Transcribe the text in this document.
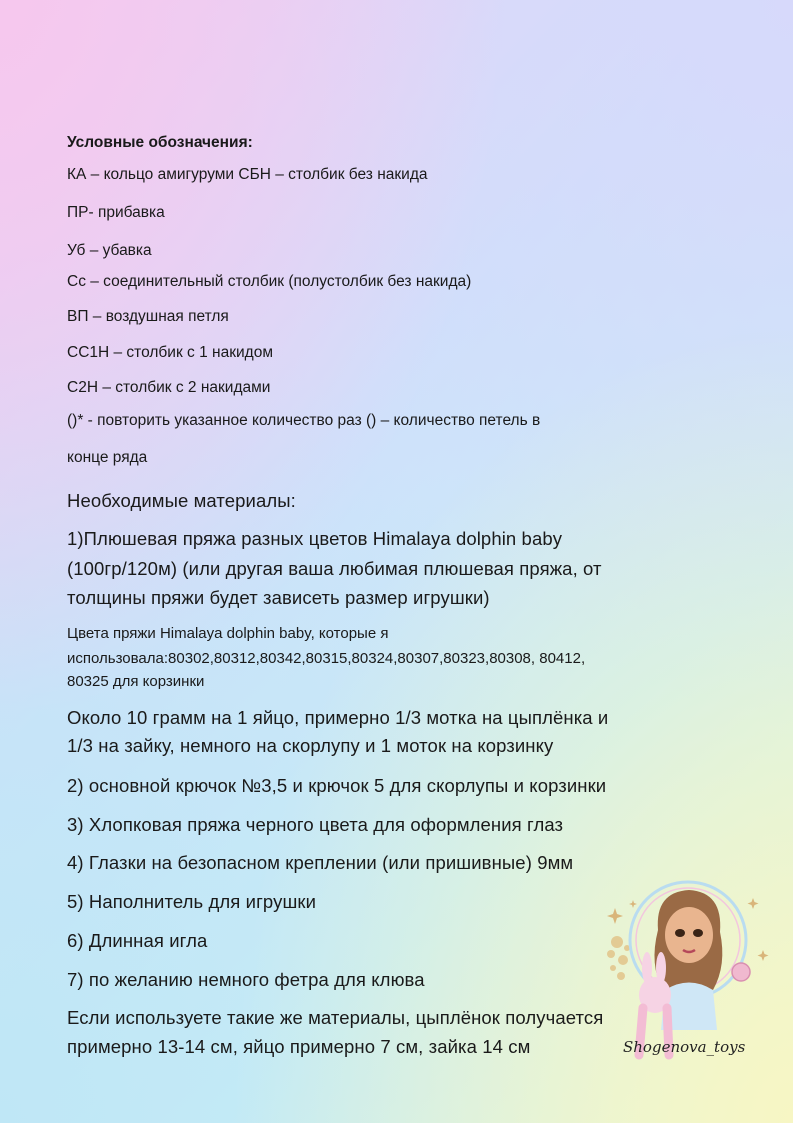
Условные обозначения:
КА – кольцо амигуруми СБН – столбик без накида
ПР- прибавка
Уб – убавка
Сс – соединительный столбик (полустолбик без накида)
ВП – воздушная петля
СС1Н – столбик с 1 накидом
С2Н – столбик с 2 накидами
()* - повторить указанное количество раз () – количество петель в
конце ряда
Необходимые материалы:
1)Плюшевая пряжа разных цветов Himalaya dolphin baby
(100гр/120м) (или другая ваша любимая плюшевая пряжа, от
толщины пряжи будет зависеть размер игрушки)
Цвета пряжи Himalaya dolphin baby, которые я
использовала:80302,80312,80342,80315,80324,80307,80323,80308, 80412,
80325 для корзинки
Около 10 грамм на 1 яйцо, примерно 1/3 мотка на цыплёнка и
1/3 на зайку, немного на скорлупу и 1 моток на корзинку
2) основной крючок №3,5 и крючок 5 для скорлупы и корзинки
3) Хлопковая пряжа черного цвета для оформления глаз
4) Глазки на безопасном креплении (или пришивные) 9мм
5) Наполнитель для игрушки
6) Длинная игла
7) по желанию немного фетра для клюва
Если используете такие же материалы, цыплёнок получается
примерно 13-14 см, яйцо примерно 7 см, зайка 14 см	Shogenova_toys
